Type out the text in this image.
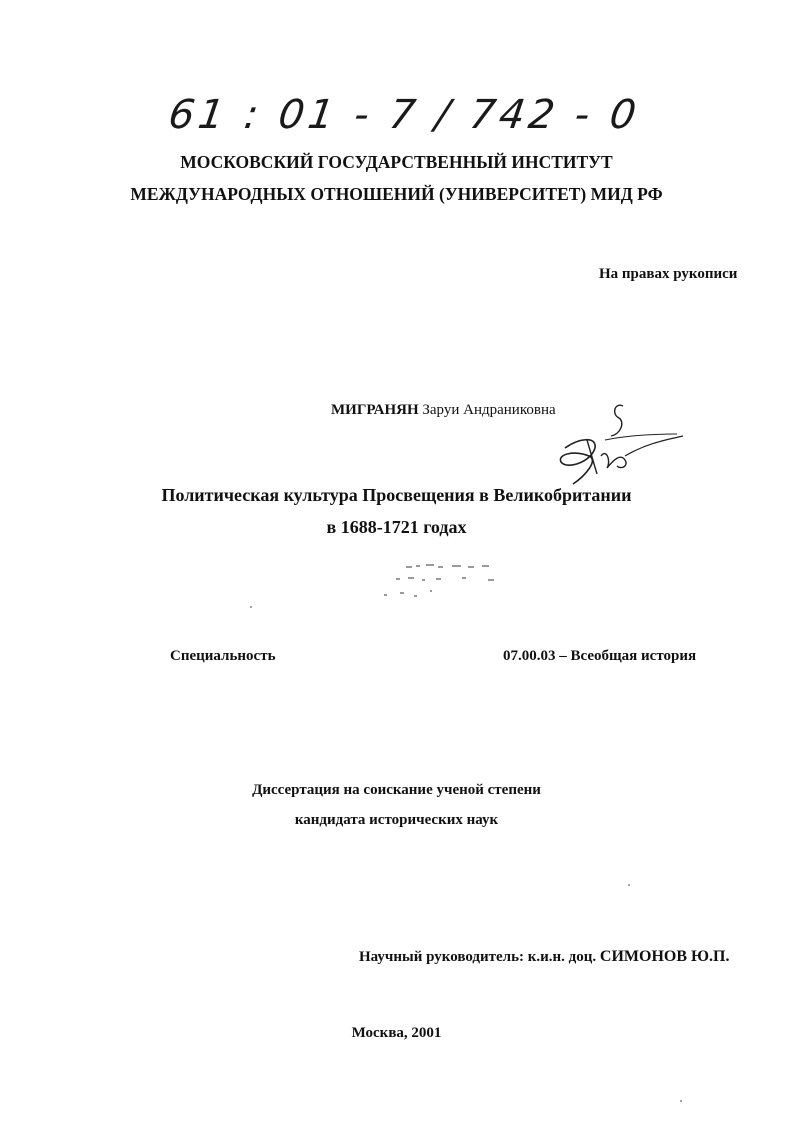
61 : 01 - 7 / 742 - 0
МОСКОВСКИЙ ГОСУДАРСТВЕННЫЙ ИНСТИТУТ
МЕЖДУНАРОДНЫХ ОТНОШЕНИЙ (УНИВЕРСИТЕТ) МИД РФ
На правах рукописи
МИГРАНЯН Заруи Андраниковна
Политическая культура Просвещения в Великобритании
в 1688-1721 годах
Специальность	07.00.03 – Всеобщая история
Диссертация на соискание ученой степени
кандидата исторических наук
Научный руководитель: к.и.н. доц. СИМОНОВ Ю.П.
Москва, 2001
